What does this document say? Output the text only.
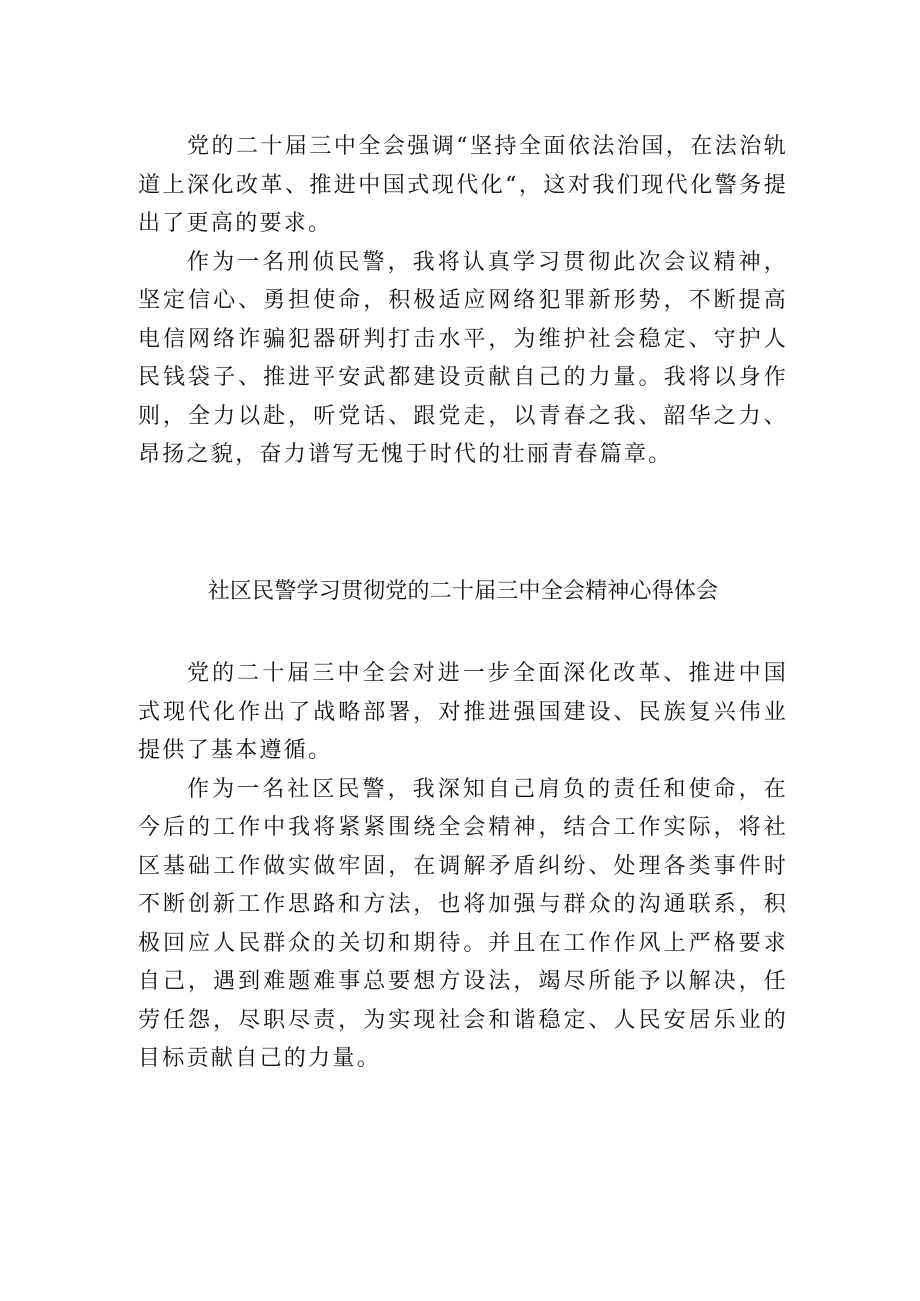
党的二十届三中全会强调“坚持全面依法治国，在法治轨道上深化改革、推进中国式现代化“，这对我们现代化警务提出了更高的要求。

作为一名刑侦民警，我将认真学习贯彻此次会议精神，坚定信心、勇担使命，积极适应网络犯罪新形势，不断提高电信网络诈骗犯器研判打击水平，为维护社会稳定、守护人民钱袋子、推进平安武都建设贡献自己的力量。我将以身作则，全力以赴，听党话、跟党走，以青春之我、韶华之力、昂扬之貌，奋力谱写无愧于时代的壮丽青春篇章。

社区民警学习贯彻党的二十届三中全会精神心得体会

党的二十届三中全会对进一步全面深化改革、推进中国式现代化作出了战略部署，对推进强国建设、民族复兴伟业提供了基本遵循。

作为一名社区民警，我深知自己肩负的责任和使命，在今后的工作中我将紧紧围绕全会精神，结合工作实际，将社区基础工作做实做牢固，在调解矛盾纠纷、处理各类事件时不断创新工作思路和方法，也将加强与群众的沟通联系，积极回应人民群众的关切和期待。并且在工作作风上严格要求自己，遇到难题难事总要想方设法，竭尽所能予以解决，任劳任怨，尽职尽责，为实现社会和谐稳定、人民安居乐业的目标贡献自己的力量。
